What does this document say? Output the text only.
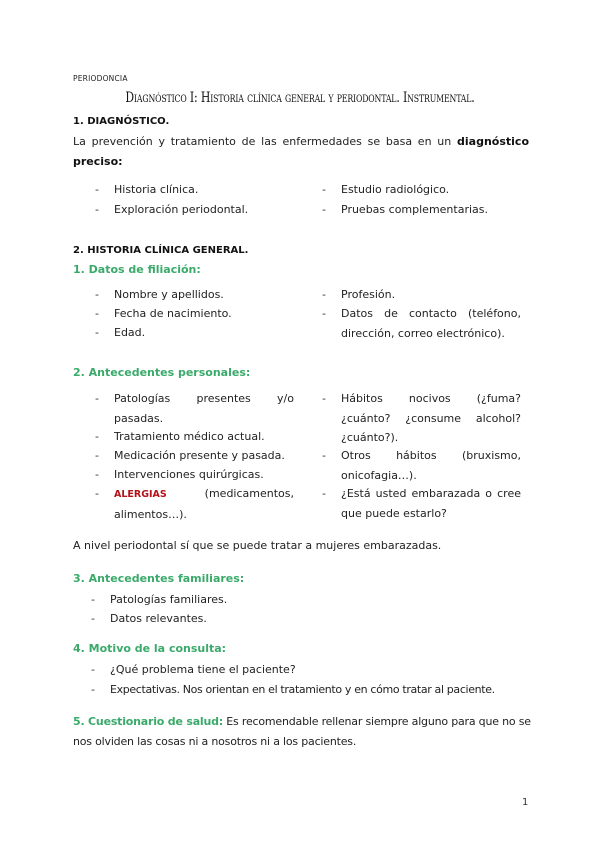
PERIODONCIA
Diagnóstico I: Historia clínica general y periodontal. Instrumental.
1. DIAGNÓSTICO.
La prevención y tratamiento de las enfermedades se basa en un diagnóstico preciso:
- Historia clínica.
- Exploración periodontal.
- Estudio radiológico.
- Pruebas complementarias.
2. HISTORIA CLÍNICA GENERAL.
1. Datos de filiación:
- Nombre y apellidos.
- Fecha de nacimiento.
- Edad.
- Profesión.
- Datos de contacto (teléfono, dirección, correo electrónico).
2. Antecedentes personales:
- Patologías presentes y/o pasadas.
- Tratamiento médico actual.
- Medicación presente y pasada.
- Intervenciones quirúrgicas.
- ALERGIAS	(medicamentos, alimentos…).
- Hábitos nocivos (¿fuma? ¿cuánto? ¿consume alcohol? ¿cuánto?).
- Otros hábitos (bruxismo, onicofagia…).
- ¿Está usted embarazada o cree que puede estarlo?
A nivel periodontal sí que se puede tratar a mujeres embarazadas.
3. Antecedentes familiares:
- Patologías familiares.
- Datos relevantes.
4. Motivo de la consulta:
- ¿Qué problema tiene el paciente?
- Expectativas. Nos orientan en el tratamiento y en cómo tratar al paciente.
5. Cuestionario de salud: Es recomendable rellenar siempre alguno para que no se nos olviden las cosas ni a nosotros ni a los pacientes.
1
